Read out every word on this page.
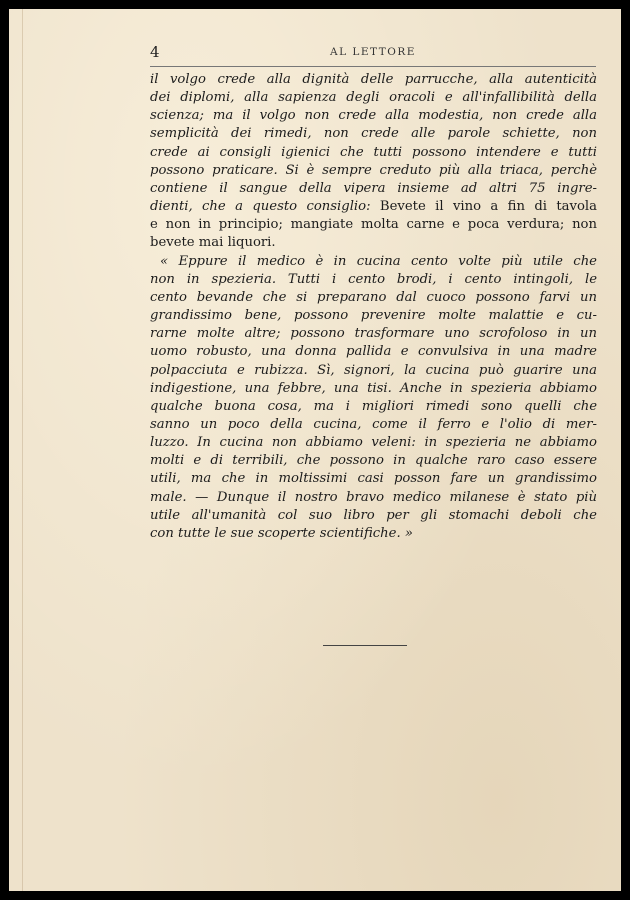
4	AL LETTORE
il volgo crede alla dignità delle parrucche, alla autenticità
dei diplomi, alla sapienza degli oracoli e all'infallibilità della
scienza; ma il volgo non crede alla modestia, non crede alla
semplicità dei rimedi, non crede alle parole schiette, non
crede ai consigli igienici che tutti possono intendere e tutti
possono praticare. Si è sempre creduto più alla triaca, perchè
contiene il sangue della vipera insieme ad altri 75 ingre-
dienti, che a questo consiglio: Bevete il vino a fin di tavola
e non in principio; mangiate molta carne e poca verdura; non
bevete mai liquori.
« Eppure il medico è in cucina cento volte più utile che
non in spezieria. Tutti i cento brodi, i cento intingoli, le
cento bevande che si preparano dal cuoco possono farvi un
grandissimo bene, possono prevenire molte malattie e cu-
rarne molte altre; possono trasformare uno scrofoloso in un
uomo robusto, una donna pallida e convulsiva in una madre
polpacciuta e rubizza. Sì, signori, la cucina può guarire una
indigestione, una febbre, una tisi. Anche in spezieria abbiamo
qualche buona cosa, ma i migliori rimedi sono quelli che
sanno un poco della cucina, come il ferro e l'olio di mer-
luzzo. In cucina non abbiamo veleni: in spezieria ne abbiamo
molti e di terribili, che possono in qualche raro caso essere
utili, ma che in moltissimi casi posson fare un grandissimo
male. — Dunque il nostro bravo medico milanese è stato più
utile all'umanità col suo libro per gli stomachi deboli che
con tutte le sue scoperte scientifiche. »
